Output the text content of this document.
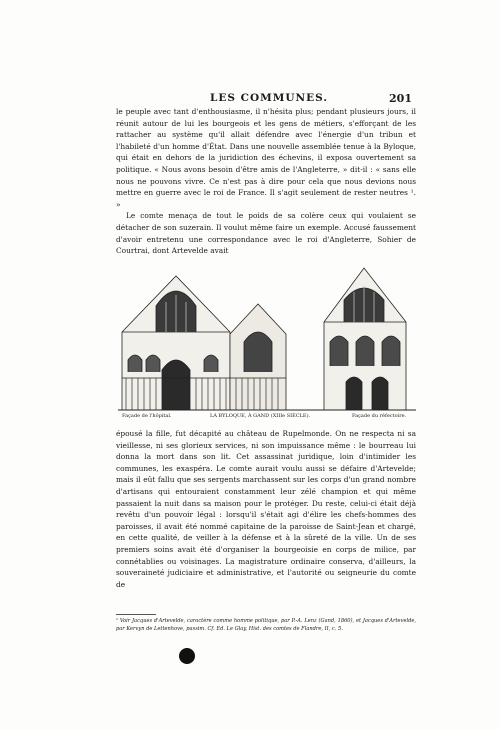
LES COMMUNES.	201

le peuple avec tant d'enthousiasme, il n'hésita plus; pendant plusieurs jours, il réunit autour de lui les bourgeois et les gens de métiers, s'efforçant de les rattacher au système qu'il allait défendre avec l'énergie d'un tribun et l'habileté d'un homme d'État. Dans une nouvelle assemblée tenue à la Byloque, qui était en dehors de la juridiction des échevins, il exposa ouvertement sa politique. « Nous avons besoin d'être amis de l'Angleterre, » dit-il : « sans elle nous ne pouvons vivre. Ce n'est pas à dire pour cela que nous devions nous mettre en guerre avec le roi de France. Il s'agit seulement de rester neutres ¹. »

Le comte menaça de tout le poids de sa colère ceux qui voulaient se détacher de son suzerain. Il voulut même faire un exemple. Accusé faussement d'avoir entretenu une correspondance avec le roi d'Angleterre, Sohier de Courtrai, dont Artevelde avait

Façade de l'hôpital.	LA BYLOQUE, À GAND (XIIIe SIÈCLE).	Façade du réfectoire.

épousé la fille, fut décapité au château de Rupelmonde. On ne respecta ni sa vieillesse, ni ses glorieux services, ni son impuissance même : le bourreau lui donna la mort dans son lit. Cet assassinat juridique, loin d'intimider les communes, les exaspéra. Le comte aurait voulu aussi se défaire d'Artevelde; mais il eût fallu que ses sergents marchassent sur les corps d'un grand nombre d'artisans qui entouraient constamment leur zélé champion et qui même passaient la nuit dans sa maison pour le protéger. Du reste, celui-ci était déjà revêtu d'un pouvoir légal : lorsqu'il s'était agi d'élire les chefs-hommes des paroisses, il avait été nommé capitaine de la paroisse de Saint-Jean et chargé, en cette qualité, de veiller à la défense et à la sûreté de la ville. Un de ses premiers soins avait été d'organiser la bourgeoisie en corps de milice, par connétablies ou voisinages. La magistrature ordinaire conserva, d'ailleurs, la souveraineté judiciaire et administrative, et l'autorité ou seigneurie du comte de

¹ Voir Jacques d'Artevelde, caractère comme homme politique, par P.-A. Lenz (Gand, 1860), et Jacques d'Artevelde, par Kervyn de Lettenhove, passim. Cf. Ed. Le Glay, Hist. des comtes de Flandre, II, c. 5.
